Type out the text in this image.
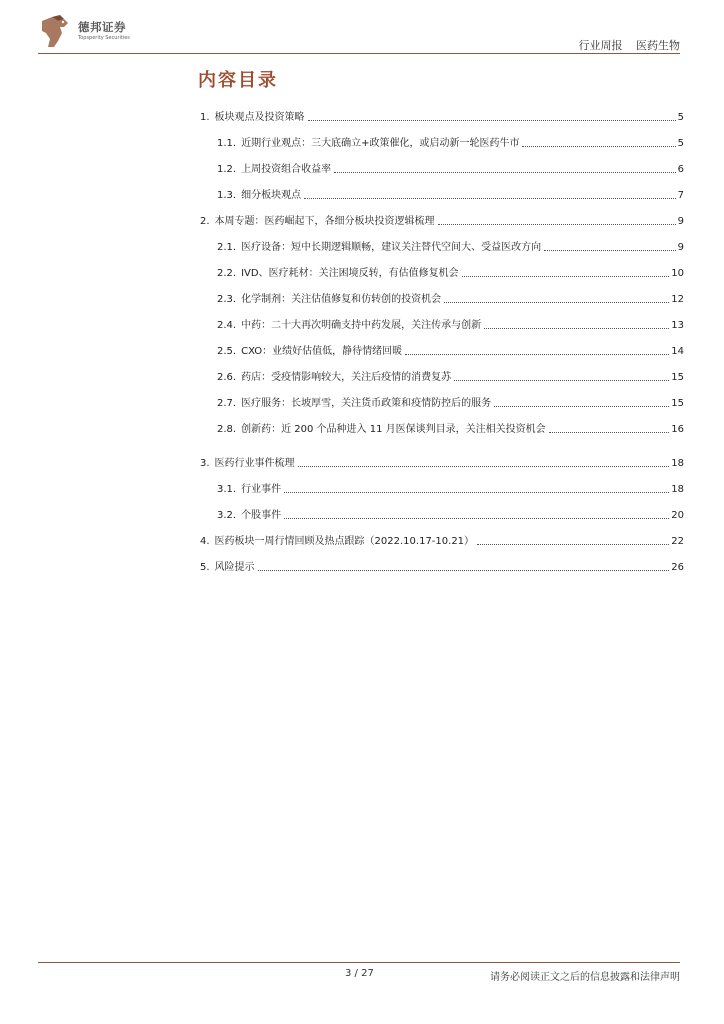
德邦证券
Topsperity Securities
行业周报 医药生物
内容目录
1. 板块观点及投资策略	5
1.1. 近期行业观点：三大底确立+政策催化，或启动新一轮医药牛市	5
1.2. 上周投资组合收益率	6
1.3. 细分板块观点	7
2. 本周专题：医药崛起下，各细分板块投资逻辑梳理	9
2.1. 医疗设备：短中长期逻辑顺畅，建议关注替代空间大、受益医改方向	9
2.2. IVD、医疗耗材：关注困境反转，有估值修复机会	10
2.3. 化学制剂：关注估值修复和仿转创的投资机会	12
2.4. 中药：二十大再次明确支持中药发展，关注传承与创新	13
2.5. CXO：业绩好估值低，静待情绪回暖	14
2.6. 药店：受疫情影响较大，关注后疫情的消费复苏	15
2.7. 医疗服务：长坡厚雪，关注货币政策和疫情防控后的服务	15
2.8. 创新药：近 200 个品种进入 11 月医保谈判目录，关注相关投资机会	16
3. 医药行业事件梳理	18
3.1. 行业事件	18
3.2. 个股事件	20
4. 医药板块一周行情回顾及热点跟踪（2022.10.17-10.21）	22
5. 风险提示	26
3 / 27	请务必阅读正文之后的信息披露和法律声明
